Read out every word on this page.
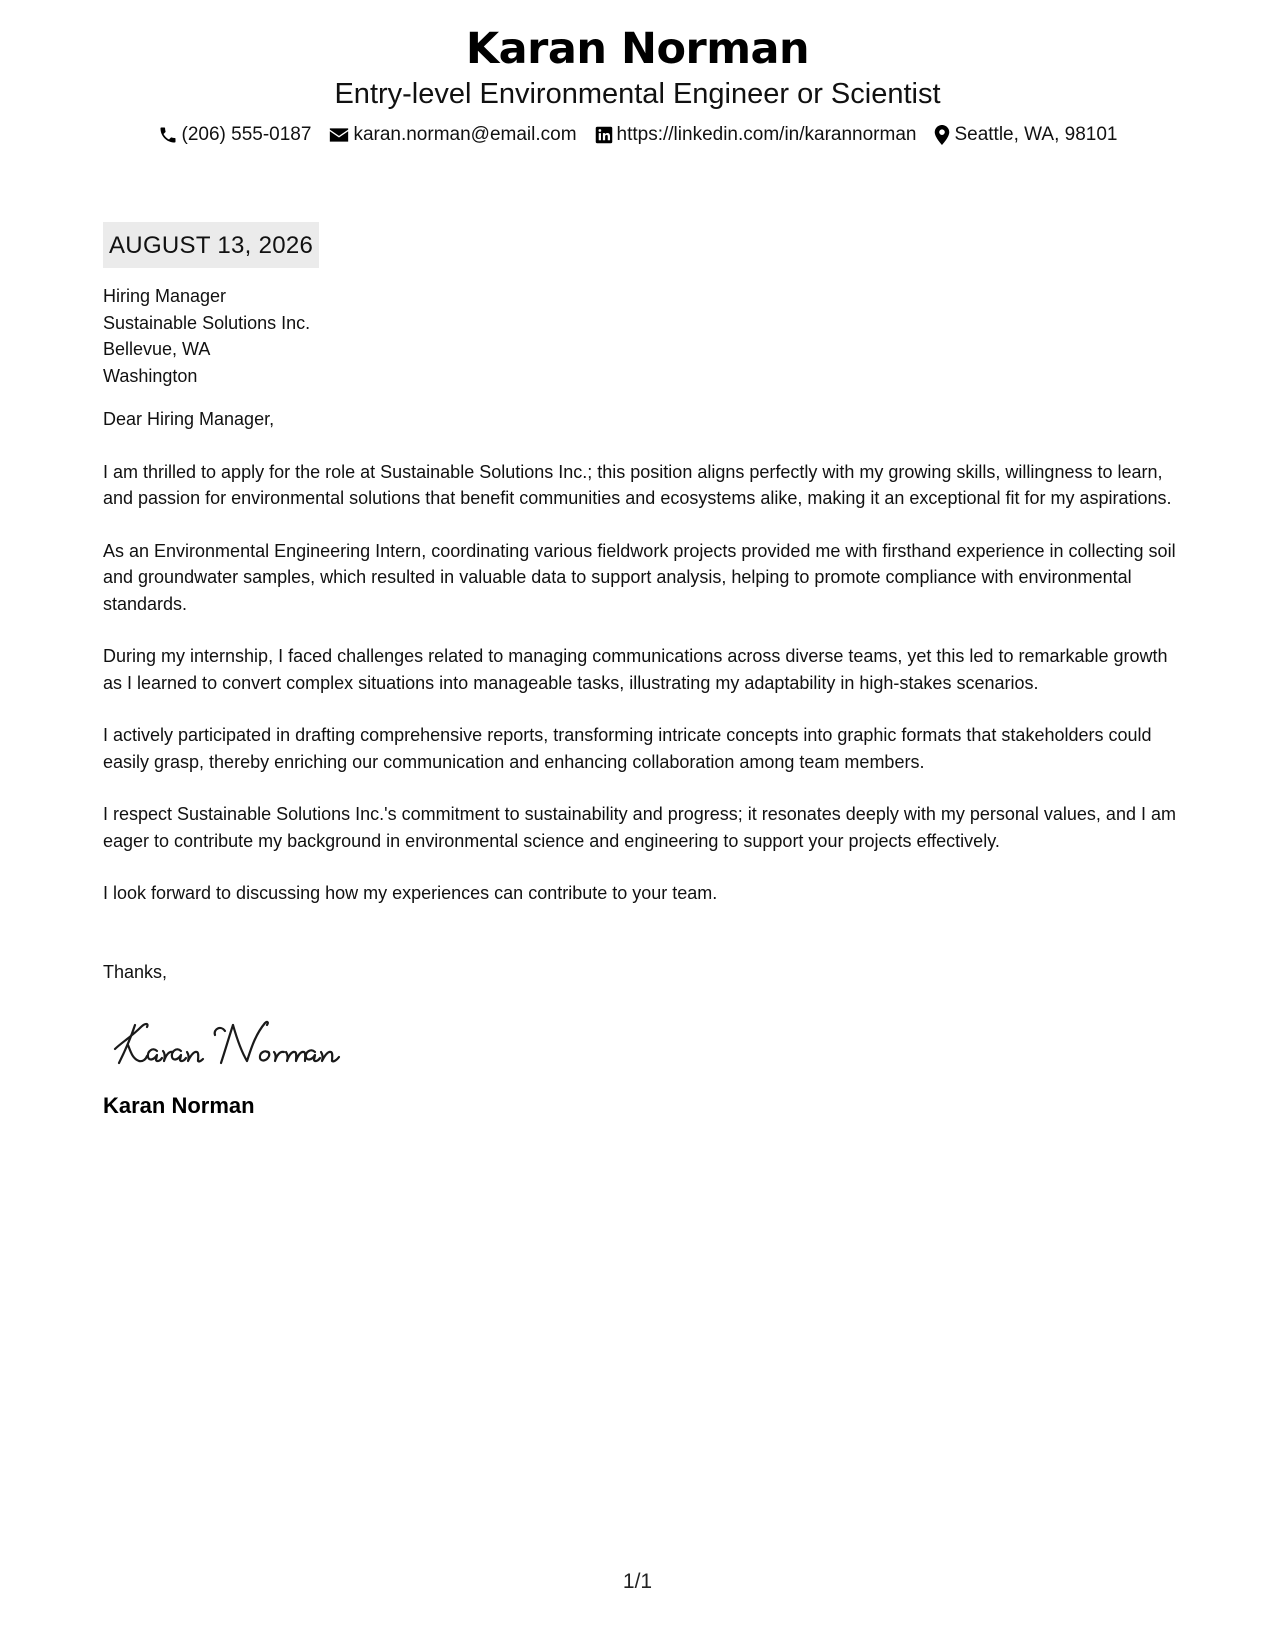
Karan Norman
Entry-level Environmental Engineer or Scientist
(206) 555-0187 karan.norman@email.com https://linkedin.com/in/karannorman Seattle, WA, 98101
AUGUST 13, 2026
Hiring Manager
Sustainable Solutions Inc.
Bellevue, WA
Washington
Dear Hiring Manager,
I am thrilled to apply for the role at Sustainable Solutions Inc.; this position aligns perfectly with my growing skills, willingness to learn, and passion for environmental solutions that benefit communities and ecosystems alike, making it an exceptional fit for my aspirations.
As an Environmental Engineering Intern, coordinating various fieldwork projects provided me with firsthand experience in collecting soil and groundwater samples, which resulted in valuable data to support analysis, helping to promote compliance with environmental standards.
During my internship, I faced challenges related to managing communications across diverse teams, yet this led to remarkable growth as I learned to convert complex situations into manageable tasks, illustrating my adaptability in high-stakes scenarios.
I actively participated in drafting comprehensive reports, transforming intricate concepts into graphic formats that stakeholders could easily grasp, thereby enriching our communication and enhancing collaboration among team members.
I respect Sustainable Solutions Inc.'s commitment to sustainability and progress; it resonates deeply with my personal values, and I am eager to contribute my background in environmental science and engineering to support your projects effectively.
I look forward to discussing how my experiences can contribute to your team.
Thanks,
Karan Norman
1/1
